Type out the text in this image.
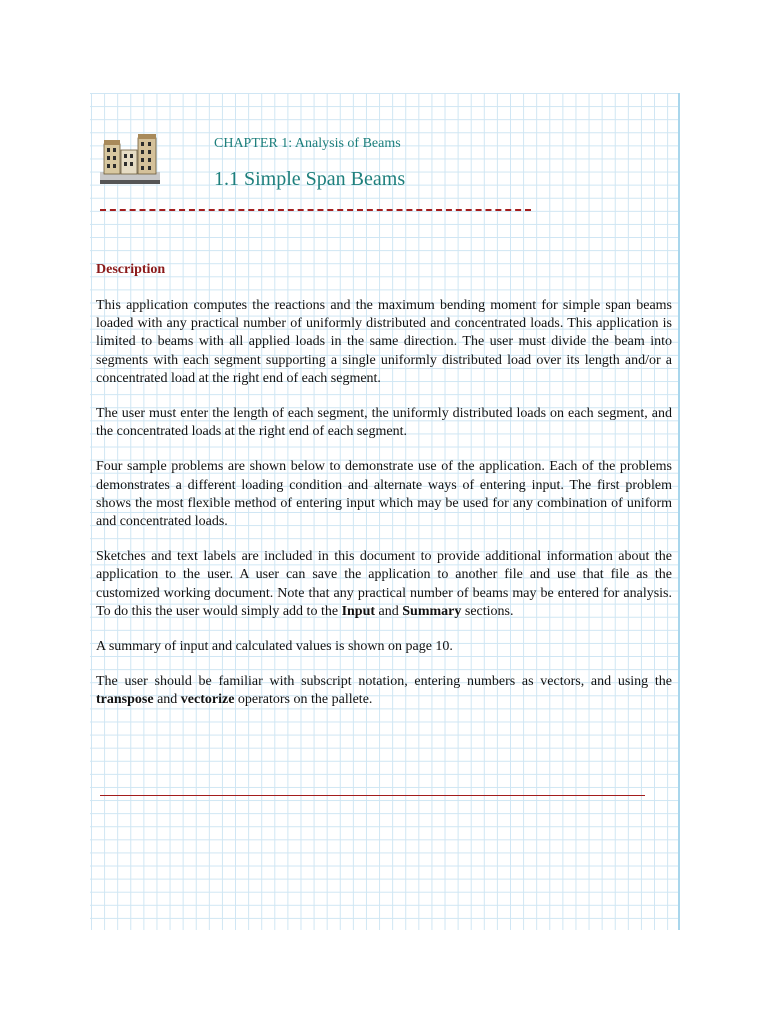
CHAPTER 1: Analysis of Beams
1.1 Simple Span Beams
Description

This application computes the reactions and the maximum bending moment for simple span beams loaded with any practical number of uniformly distributed and concentrated loads. This application is limited to beams with all applied loads in the same direction. The user must divide the beam into segments with each segment supporting a single uniformly distributed load over its length and/or a concentrated load at the right end of each segment.

The user must enter the length of each segment, the uniformly distributed loads on each segment, and the concentrated loads at the right end of each segment.

Four sample problems are shown below to demonstrate use of the application. Each of the problems demonstrates a different loading condition and alternate ways of entering input. The first problem shows the most flexible method of entering input which may be used for any combination of uniform and concentrated loads.

Sketches and text labels are included in this document to provide additional information about the application to the user. A user can save the application to another file and use that file as the customized working document. Note that any practical number of beams may be entered for analysis. To do this the user would simply add to the Input and Summary sections.

A summary of input and calculated values is shown on page 10.

The user should be familiar with subscript notation, entering numbers as vectors, and using the transpose and vectorize operators on the pallete.
